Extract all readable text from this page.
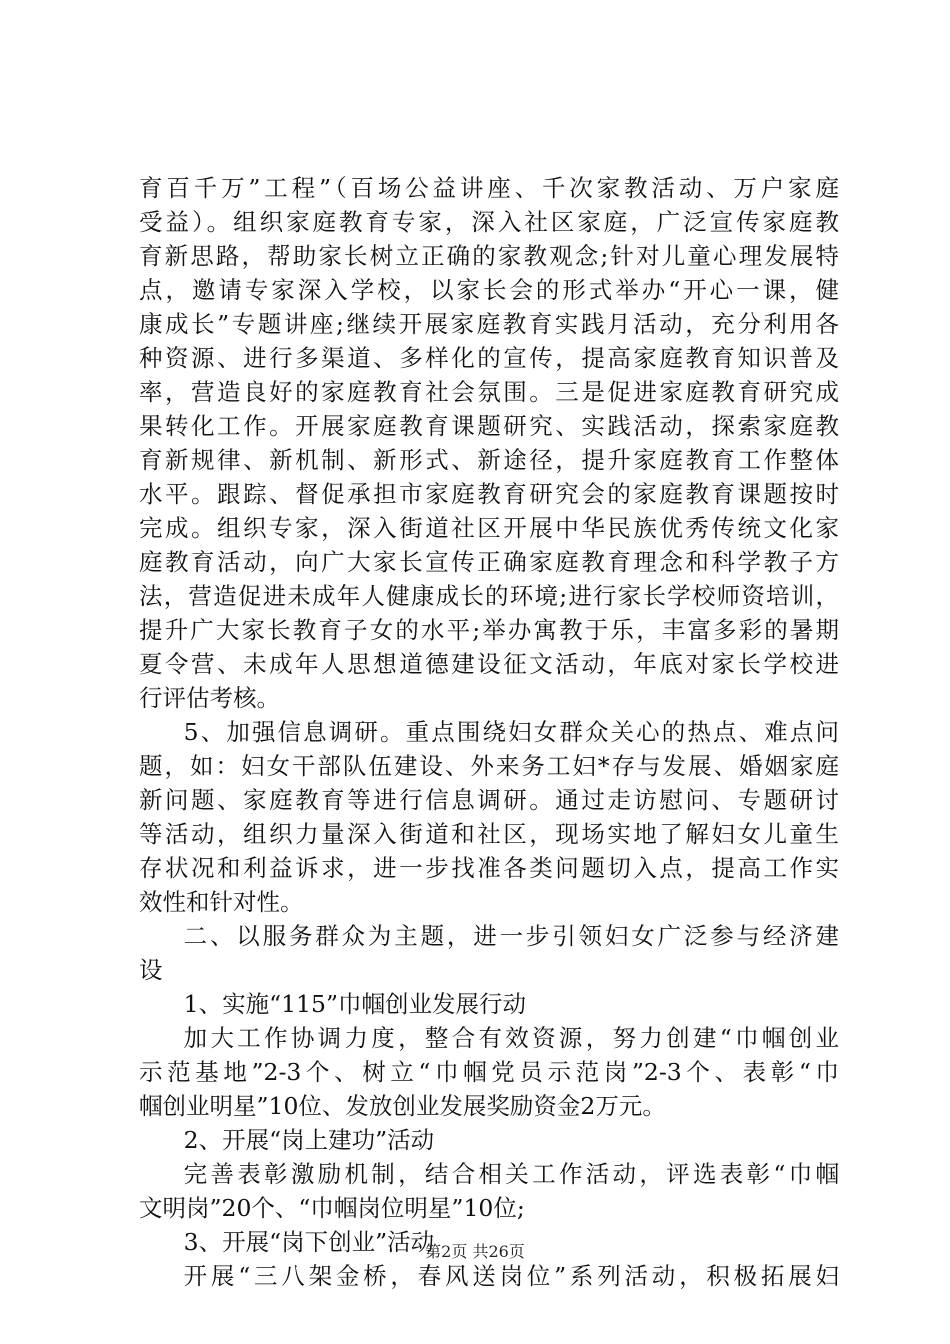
育百千万”工程”（百场公益讲座、千次家教活动、万户家庭
受益）。组织家庭教育专家，深入社区家庭，广泛宣传家庭教
育新思路，帮助家长树立正确的家教观念;针对儿童心理发展特
点，邀请专家深入学校，以家长会的形式举办“开心一课，健
康成长”专题讲座;继续开展家庭教育实践月活动，充分利用各
种资源、进行多渠道、多样化的宣传，提高家庭教育知识普及
率，营造良好的家庭教育社会氛围。三是促进家庭教育研究成
果转化工作。开展家庭教育课题研究、实践活动，探索家庭教
育新规律、新机制、新形式、新途径，提升家庭教育工作整体
水平。跟踪、督促承担市家庭教育研究会的家庭教育课题按时
完成。组织专家，深入街道社区开展中华民族优秀传统文化家
庭教育活动，向广大家长宣传正确家庭教育理念和科学教子方
法，营造促进未成年人健康成长的环境;进行家长学校师资培训，
提升广大家长教育子女的水平;举办寓教于乐，丰富多彩的暑期
夏令营、未成年人思想道德建设征文活动，年底对家长学校进
行评估考核。
5、加强信息调研。重点围绕妇女群众关心的热点、难点问
题，如：妇女干部队伍建设、外来务工妇*存与发展、婚姻家庭
新问题、家庭教育等进行信息调研。通过走访慰问、专题研讨
等活动，组织力量深入街道和社区，现场实地了解妇女儿童生
存状况和利益诉求，进一步找准各类问题切入点，提高工作实
效性和针对性。
二、以服务群众为主题，进一步引领妇女广泛参与经济建
设
1、实施“115”巾帼创业发展行动
加大工作协调力度，整合有效资源，努力创建“巾帼创业
示范基地”2-3个、树立“巾帼党员示范岗”2-3个、表彰“巾
帼创业明星”10位、发放创业发展奖励资金2万元。
2、开展“岗上建功”活动
完善表彰激励机制，结合相关工作活动，评选表彰“巾帼
文明岗”20个、“巾帼岗位明星”10位;
3、开展“岗下创业”活动
开展“三八架金桥，春风送岗位”系列活动，积极拓展妇
第2页 共26页
